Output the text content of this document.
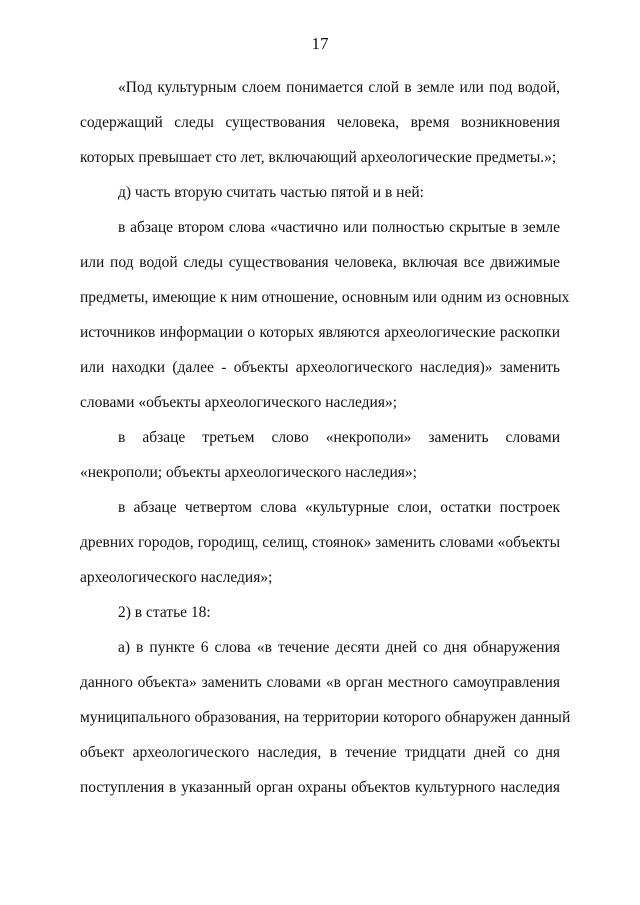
17

«Под культурным слоем понимается слой в земле или под водой,
содержащий следы существования человека, время возникновения
которых превышает сто лет, включающий археологические предметы.»;

д) часть вторую считать частью пятой и в ней:

в абзаце втором слова «частично или полностью скрытые в земле
или под водой следы существования человека, включая все движимые
предметы, имеющие к ним отношение, основным или одним из основных
источников информации о которых являются археологические раскопки
или находки (далее - объекты археологического наследия)» заменить
словами «объекты археологического наследия»;

в абзаце третьем слово «некрополи» заменить словами
«некрополи; объекты археологического наследия»;

в абзаце четвертом слова «культурные слои, остатки построек
древних городов, городищ, селищ, стоянок» заменить словами «объекты
археологического наследия»;

2) в статье 18:

а) в пункте 6 слова «в течение десяти дней со дня обнаружения
данного объекта» заменить словами «в орган местного самоуправления
муниципального образования, на территории которого обнаружен данный
объект археологического наследия, в течение тридцати дней со дня
поступления в указанный орган охраны объектов культурного наследия
